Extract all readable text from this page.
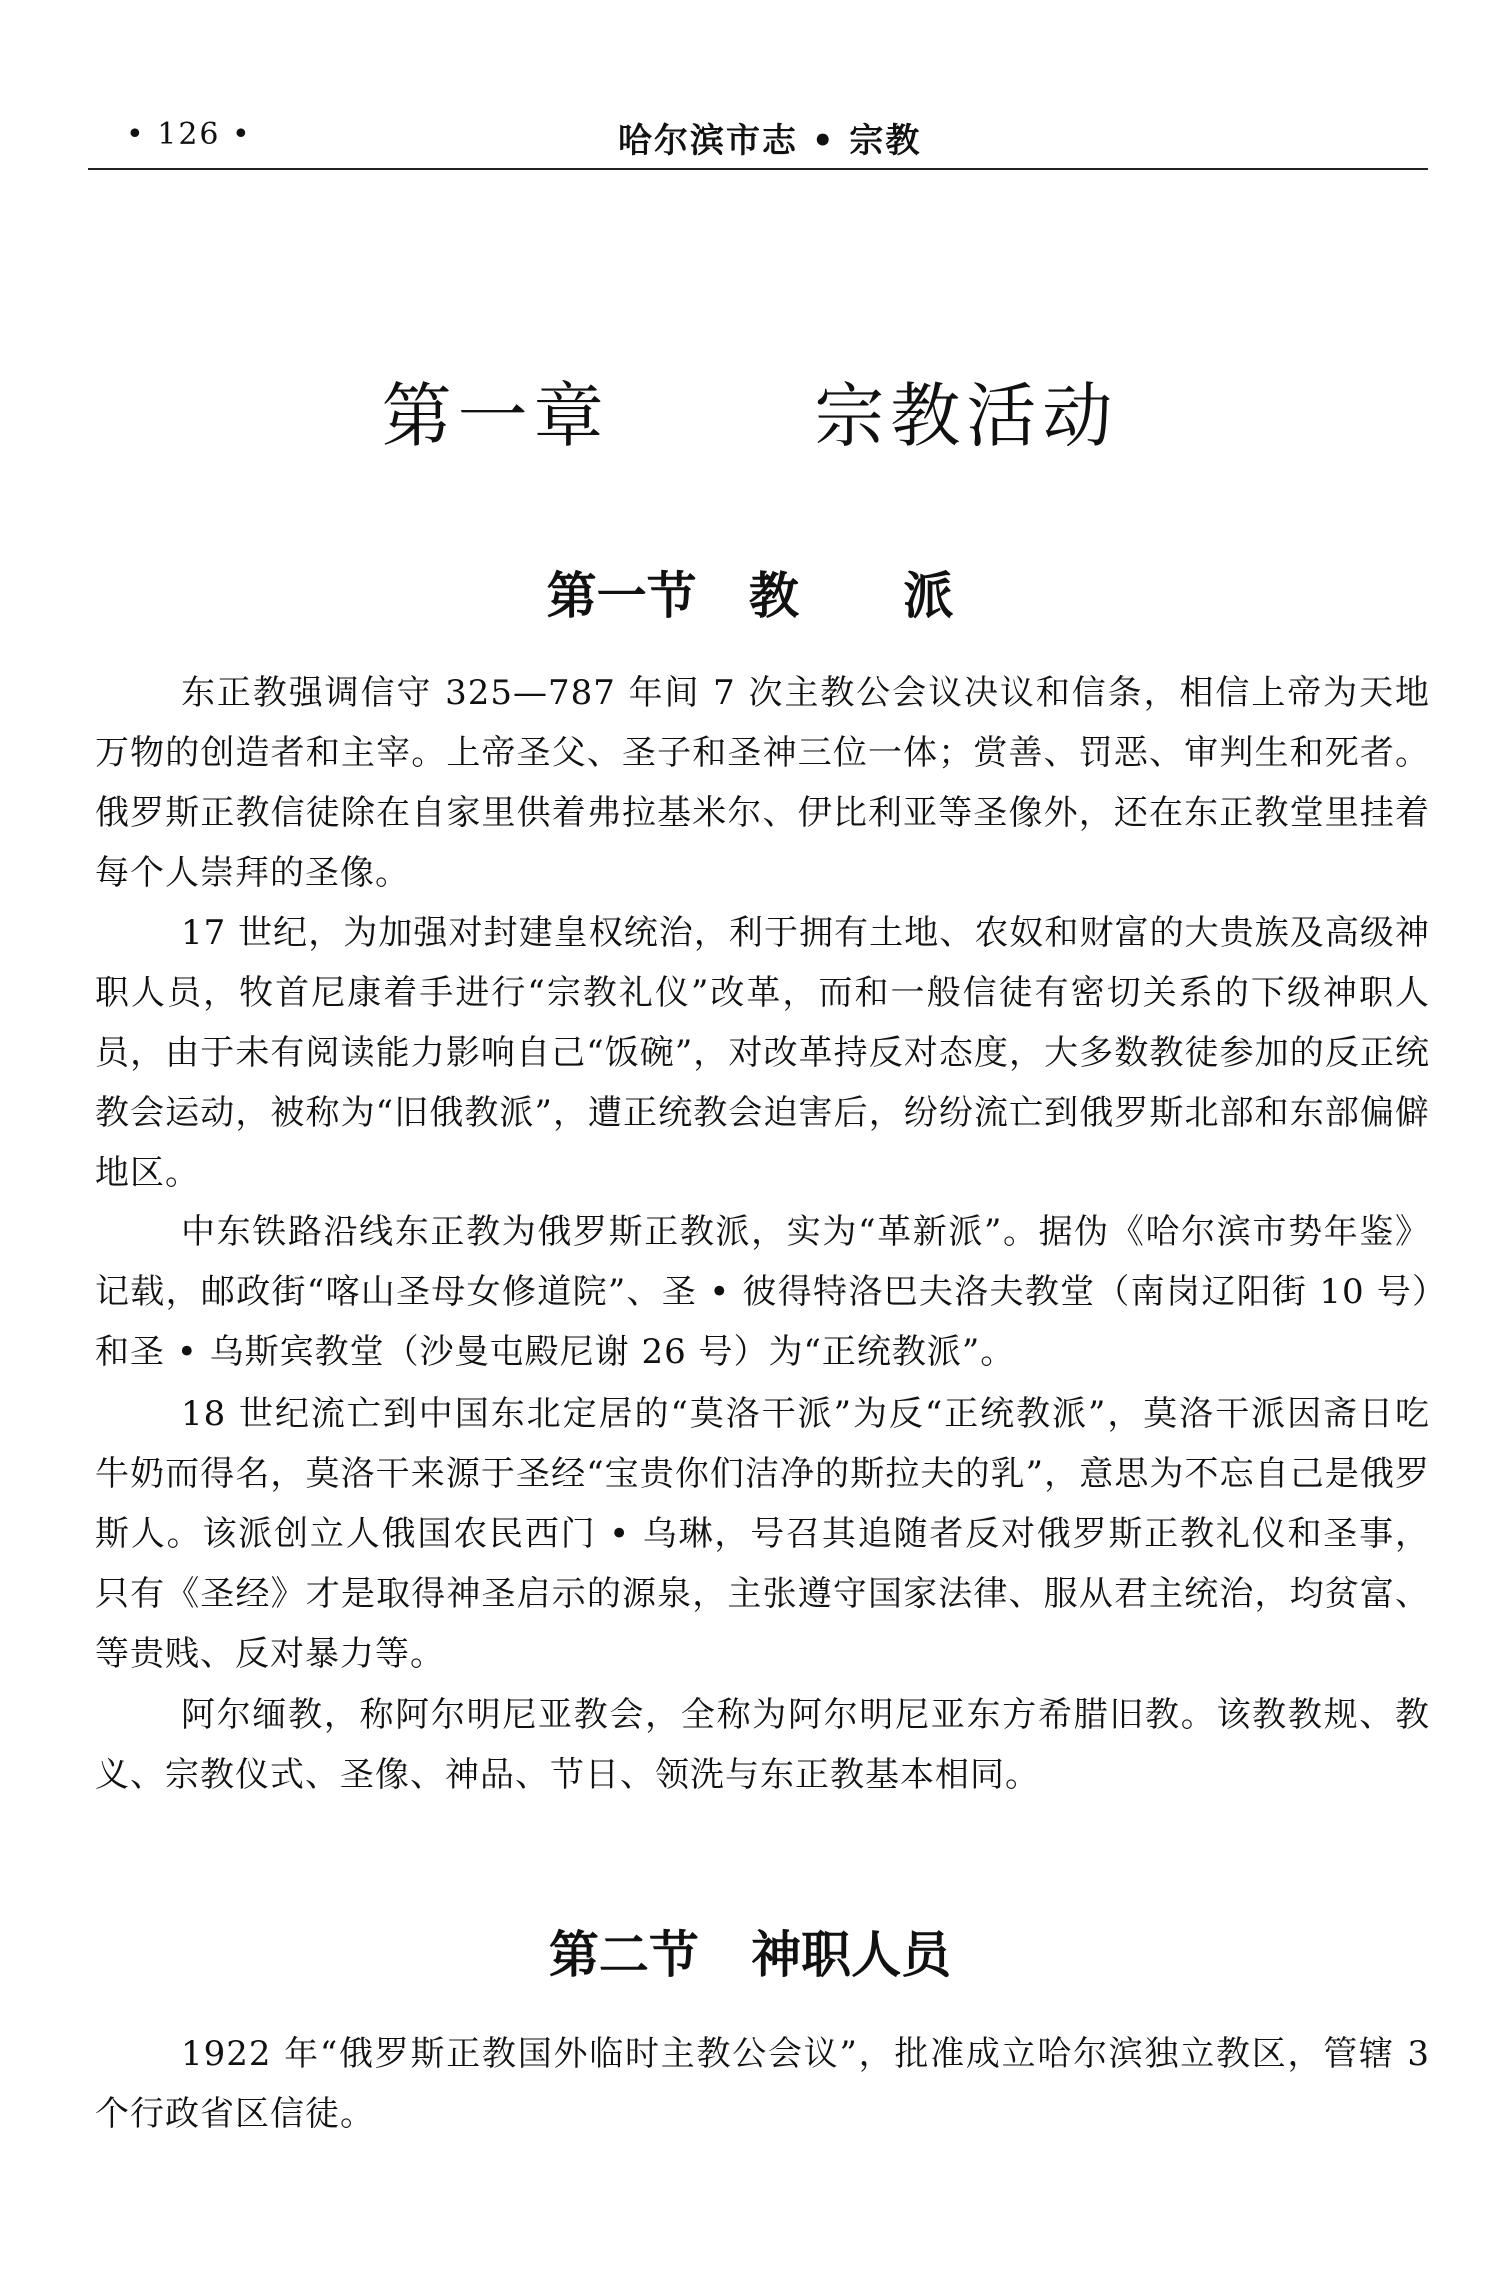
• 126 •	哈尔滨市志 • 宗教
第一章   宗教活动
第一节   教      派

东正教强调信守 325—787 年间 7 次主教公会议决议和信条，相信上帝为天地万物的创造者和主宰。上帝圣父、圣子和圣神三位一体；赏善、罚恶、审判生和死者。俄罗斯正教信徒除在自家里供着弗拉基米尔、伊比利亚等圣像外，还在东正教堂里挂着每个人崇拜的圣像。

17 世纪，为加强对封建皇权统治，利于拥有土地、农奴和财富的大贵族及高级神职人员，牧首尼康着手进行“宗教礼仪”改革，而和一般信徒有密切关系的下级神职人员，由于未有阅读能力影响自己“饭碗”，对改革持反对态度，大多数教徒参加的反正统教会运动，被称为“旧俄教派”，遭正统教会迫害后，纷纷流亡到俄罗斯北部和东部偏僻地区。

中东铁路沿线东正教为俄罗斯正教派，实为“革新派”。据伪《哈尔滨市势年鉴》记载，邮政街“喀山圣母女修道院”、圣 • 彼得特洛巴夫洛夫教堂（南岗辽阳街 10 号）和圣 • 乌斯宾教堂（沙曼屯殿尼谢 26 号）为“正统教派”。

18 世纪流亡到中国东北定居的“莫洛干派”为反“正统教派”，莫洛干派因斋日吃牛奶而得名，莫洛干来源于圣经“宝贵你们洁净的斯拉夫的乳”，意思为不忘自己是俄罗斯人。该派创立人俄国农民西门 • 乌琳，号召其追随者反对俄罗斯正教礼仪和圣事，只有《圣经》才是取得神圣启示的源泉，主张遵守国家法律、服从君主统治，均贫富、等贵贱、反对暴力等。

阿尔缅教，称阿尔明尼亚教会，全称为阿尔明尼亚东方希腊旧教。该教教规、教义、宗教仪式、圣像、神品、节日、领洗与东正教基本相同。

第二节   神职人员

1922 年“俄罗斯正教国外临时主教公会议”，批准成立哈尔滨独立教区，管辖 3 个行政省区信徒。
